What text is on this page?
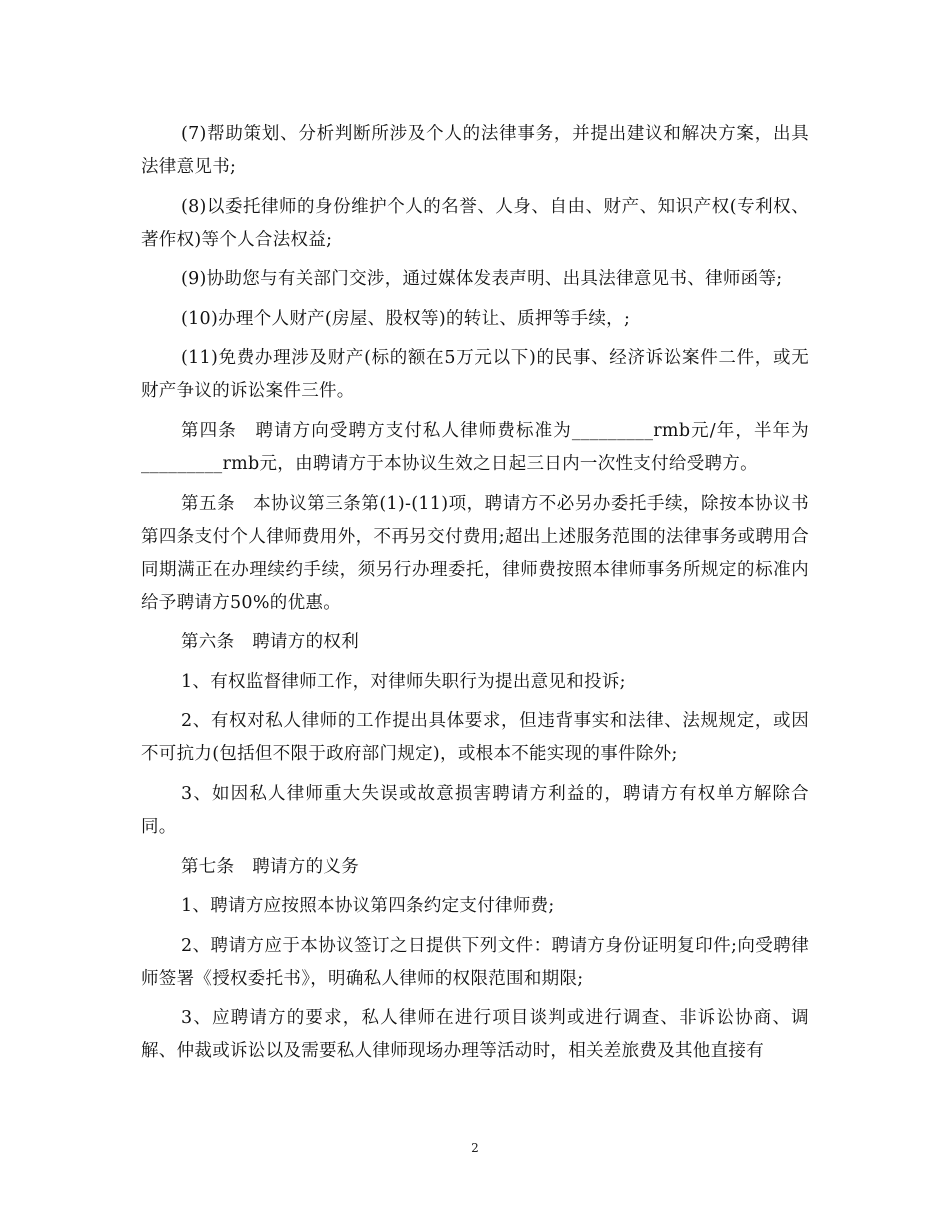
(7)帮助策划、分析判断所涉及个人的法律事务，并提出建议和解决方案，出具法律意见书;

(8)以委托律师的身份维护个人的名誉、人身、自由、财产、知识产权(专利权、著作权)等个人合法权益;

(9)协助您与有关部门交涉，通过媒体发表声明、出具法律意见书、律师函等;

(10)办理个人财产(房屋、股权等)的转让、质押等手续，;

(11)免费办理涉及财产(标的额在5万元以下)的民事、经济诉讼案件二件，或无财产争议的诉讼案件三件。

第四条　聘请方向受聘方支付私人律师费标准为_________rmb元/年，半年为_________rmb元，由聘请方于本协议生效之日起三日内一次性支付给受聘方。

第五条　本协议第三条第(1)-(11)项，聘请方不必另办委托手续，除按本协议书第四条支付个人律师费用外，不再另交付费用;超出上述服务范围的法律事务或聘用合同期满正在办理续约手续，须另行办理委托，律师费按照本律师事务所规定的标准内给予聘请方50%的优惠。

第六条　聘请方的权利

1、有权监督律师工作，对律师失职行为提出意见和投诉;

2、有权对私人律师的工作提出具体要求，但违背事实和法律、法规规定，或因不可抗力(包括但不限于政府部门规定)，或根本不能实现的事件除外;

3、如因私人律师重大失误或故意损害聘请方利益的，聘请方有权单方解除合同。

第七条　聘请方的义务

1、聘请方应按照本协议第四条约定支付律师费;

2、聘请方应于本协议签订之日提供下列文件：聘请方身份证明复印件;向受聘律师签署《授权委托书》，明确私人律师的权限范围和期限;

3、应聘请方的要求，私人律师在进行项目谈判或进行调查、非诉讼协商、调解、仲裁或诉讼以及需要私人律师现场办理等活动时，相关差旅费及其他直接有

2
